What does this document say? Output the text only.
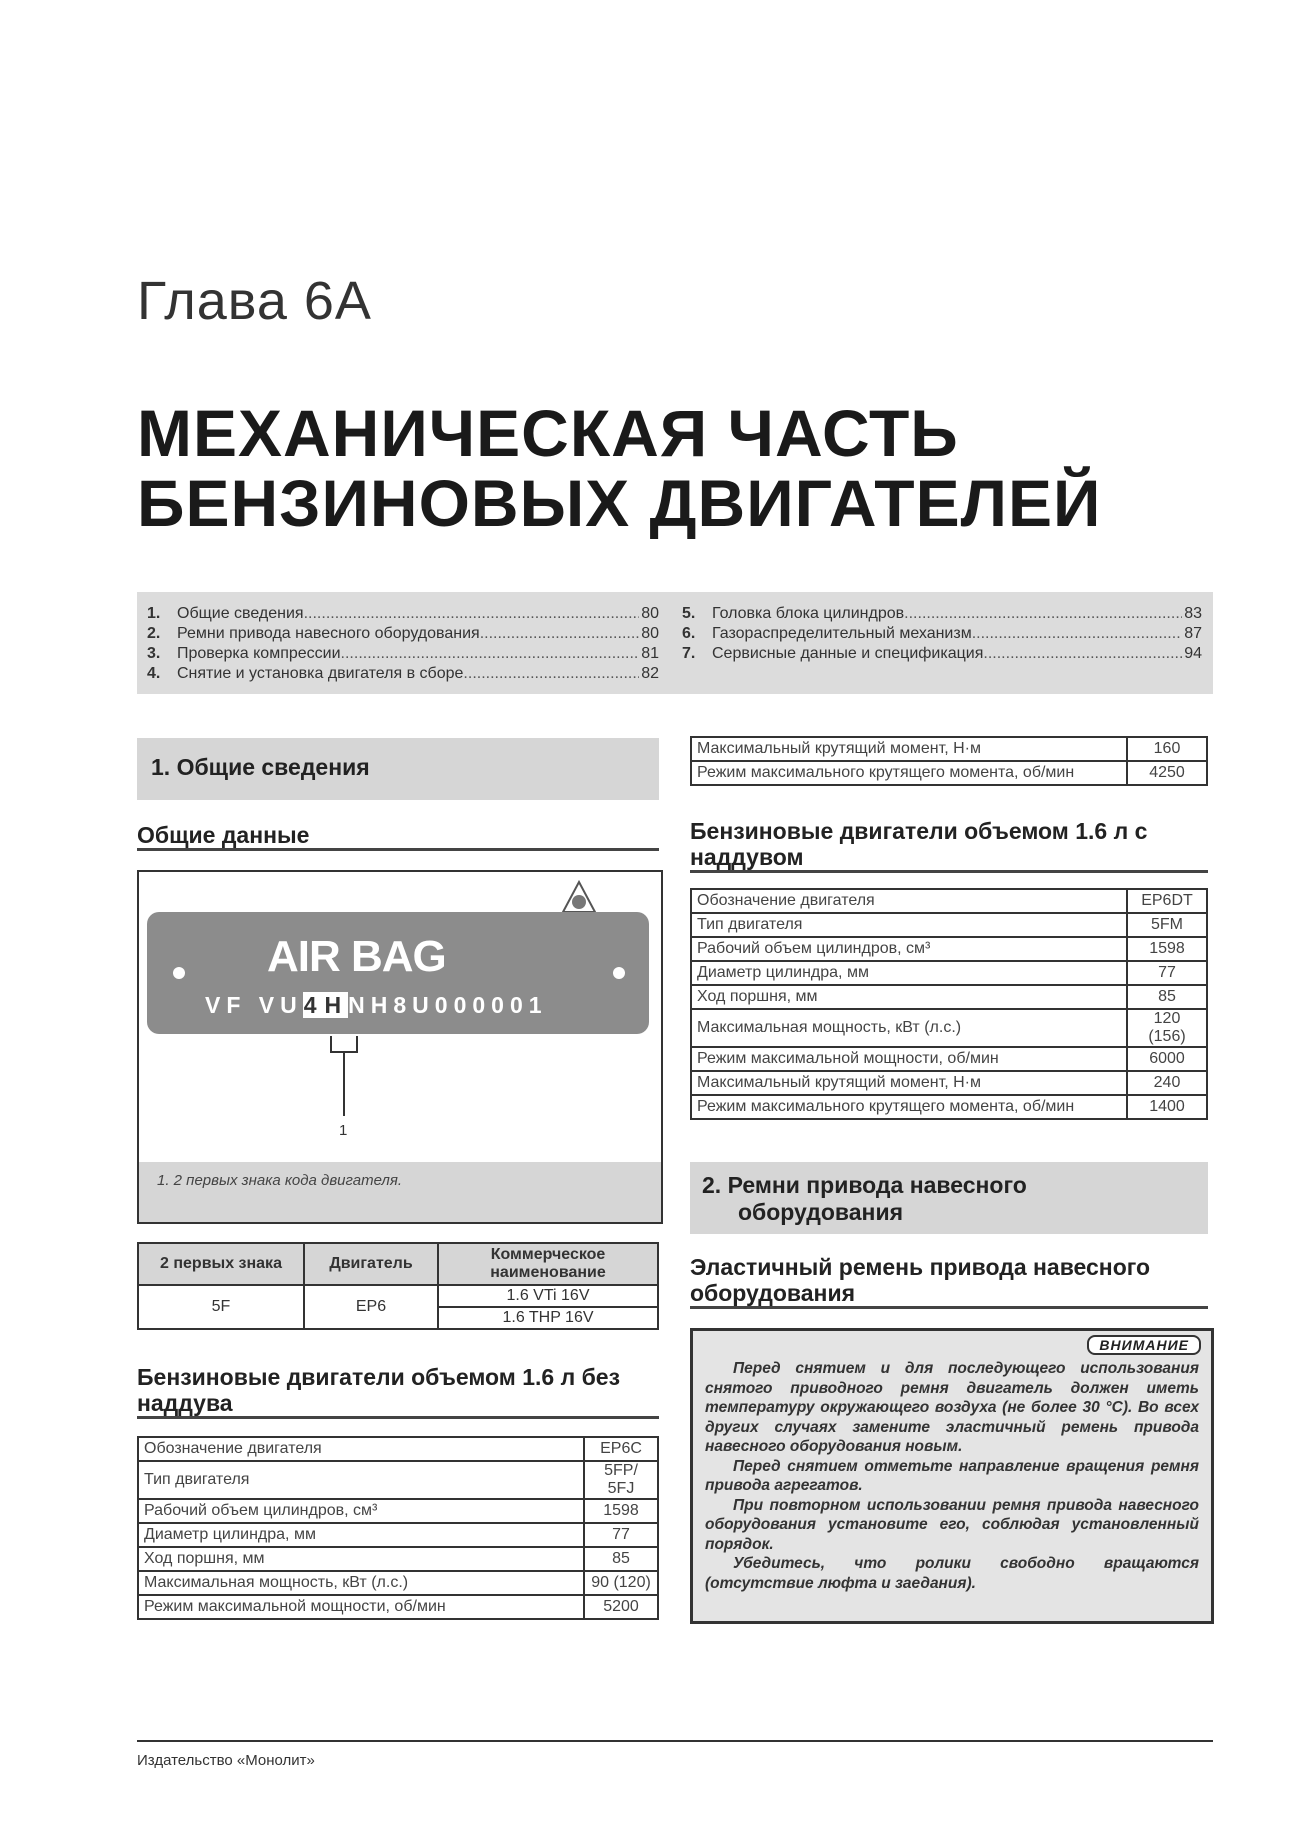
Глава 6А
МЕХАНИЧЕСКАЯ ЧАСТЬ
БЕНЗИНОВЫХ ДВИГАТЕЛЕЙ
1.	Общие сведения .....	80
2.	Ремни привода навесного оборудования .....	80
3.	Проверка компрессии .....	81
4.	Снятие и установка двигателя в сборе .....	82
5.	Головка блока цилиндров .....	83
6.	Газораспределительный механизм .....	87
7.	Сервисные данные и спецификация .....	94
1. Общие сведения
Общие данные
AIR BAG
VF VU4HNH8U000001
1
1. 2 первых знака кода двигателя.
2 первых знака	Двигатель	Коммерческое наименование
5F	EP6	1.6 VTi 16V
		1.6 THP 16V
Бензиновые двигатели объемом 1.6 л без наддува
Обозначение двигателя	EP6C
Тип двигателя	5FP/ 5FJ
Рабочий объем цилиндров, см³	1598
Диаметр цилиндра, мм	77
Ход поршня, мм	85
Максимальная мощность, кВт (л.с.)	90 (120)
Режим максимальной мощности, об/мин	5200
Максимальный крутящий момент, Н·м	160
Режим максимального крутящего момента, об/мин	4250
Бензиновые двигатели объемом 1.6 л с наддувом
Обозначение двигателя	EP6DT
Тип двигателя	5FM
Рабочий объем цилиндров, см³	1598
Диаметр цилиндра, мм	77
Ход поршня, мм	85
Максимальная мощность, кВт (л.с.)	120 (156)
Режим максимальной мощности, об/мин	6000
Максимальный крутящий момент, Н·м	240
Режим максимального крутящего момента, об/мин	1400
2. Ремни привода навесного
оборудования
Эластичный ремень привода навесного оборудования
ВНИМАНИЕ

Перед снятием и для последующего использования снятого приводного ремня двигатель должен иметь температуру окружающего воздуха (не более 30 °С). Во всех других случаях замените эластичный ремень привода навесного оборудования новым.

Перед снятием отметьте направление вращения ремня привода агрегатов.

При повторном использовании ремня привода навесного оборудования установите его, соблюдая установленный порядок.

Убедитесь, что ролики свободно вращаются (отсутствие люфта и заедания).

Издательство «Монолит»
